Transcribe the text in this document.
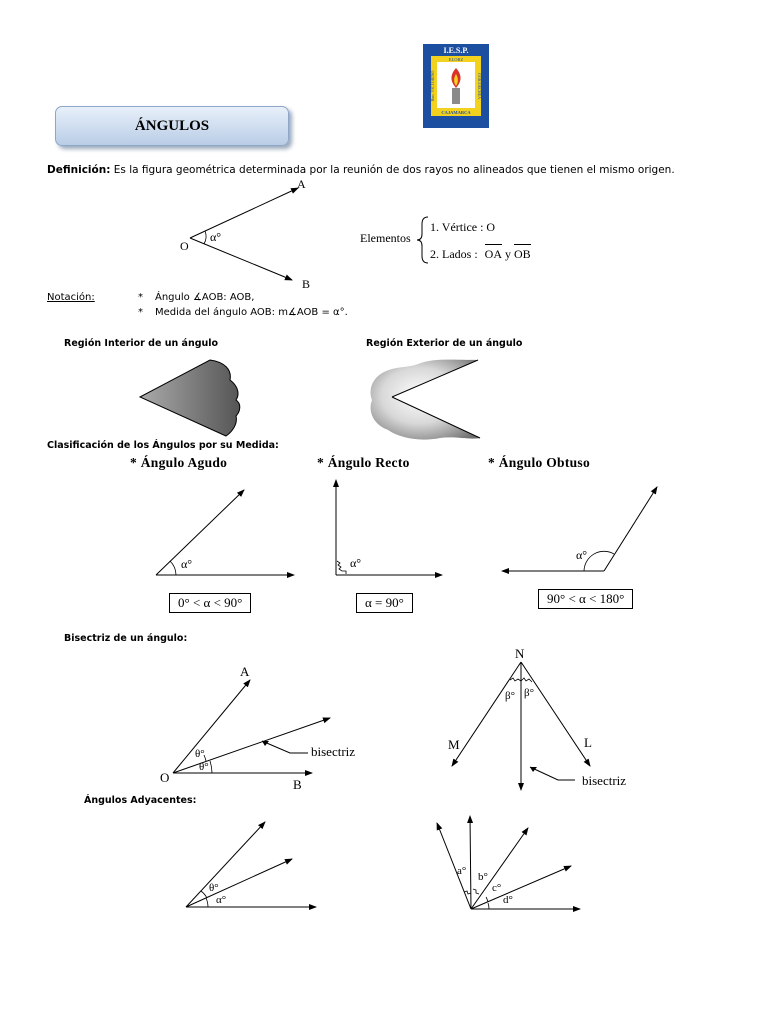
I.E.S.P.
ELORZ
Hno. VICTORINO	GOICOECHEA
CAJAMARCA
ÁNGULOS
Definición: Es la figura geométrica determinada por la reunión de dos rayos no alineados que tienen el mismo origen.
Elementos
1. Vértice : O
2. Lados : OA y OB
Notación:	* Ángulo ∡AOB: AOB,
* Medida del ángulo AOB: m∡AOB = α°.
Región Interior de un ángulo	Región Exterior de un ángulo
Clasificación de los Ángulos por su Medida:
* Ángulo Agudo	* Ángulo Recto	* Ángulo Obtuso
0° < α < 90°	α = 90°	90° < α < 180°
Bisectriz de un ángulo:
Ángulos Adyacentes:
A
B
O
α°
α°	α°
α°
A
O	B
θ°
θ°
bisectriz
N
M	L
β° β°
bisectriz
θ°
α°
a° b°
c°
d°
